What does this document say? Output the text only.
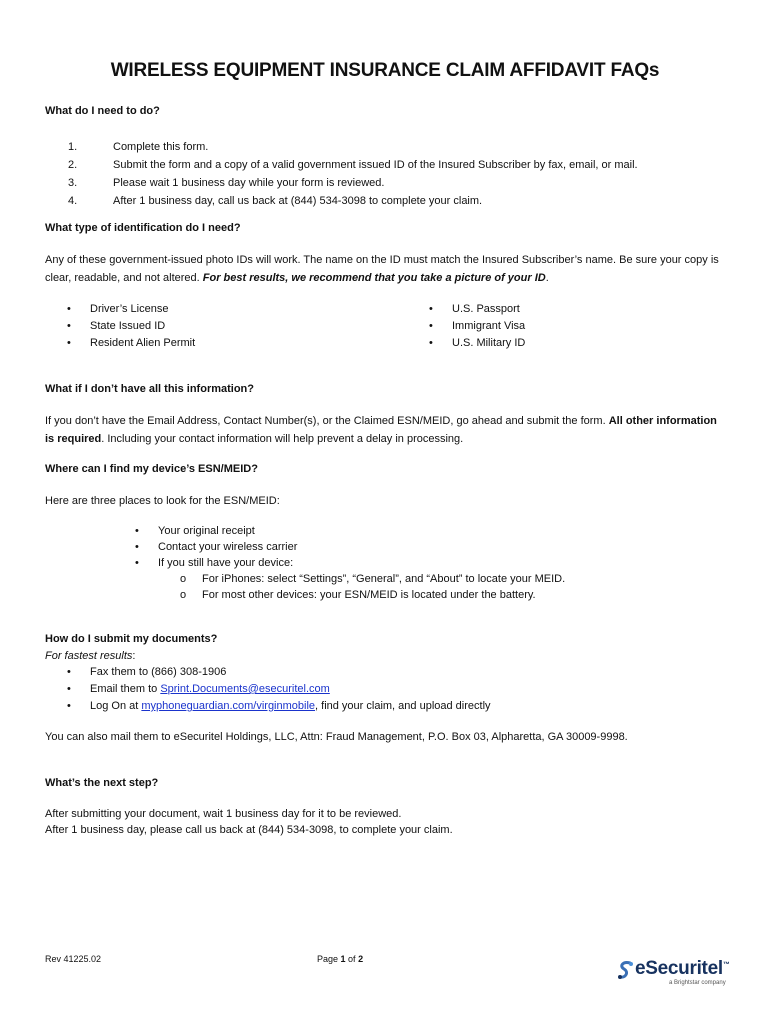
WIRELESS EQUIPMENT INSURANCE CLAIM AFFIDAVIT FAQs
What do I need to do?
1.	Complete this form.
2.	Submit the form and a copy of a valid government issued ID of the Insured Subscriber by fax, email, or mail.
3.	Please wait 1 business day while your form is reviewed.
4.	After 1 business day, call us back at (844) 534-3098 to complete your claim.
What type of identification do I need?
Any of these government-issued photo IDs will work. The name on the ID must match the Insured Subscriber’s name. Be sure your copy is clear, readable, and not altered. For best results, we recommend that you take a picture of your ID.
• Driver’s License
• State Issued ID
• Resident Alien Permit
• U.S. Passport
• Immigrant Visa
• U.S. Military ID
What if I don’t have all this information?
If you don’t have the Email Address, Contact Number(s), or the Claimed ESN/MEID, go ahead and submit the form. All other information is required. Including your contact information will help prevent a delay in processing.
Where can I find my device’s ESN/MEID?
Here are three places to look for the ESN/MEID:
• Your original receipt
• Contact your wireless carrier
• If you still have your device:
o For iPhones: select “Settings”, “General”, and “About” to locate your MEID.
o For most other devices: your ESN/MEID is located under the battery.
How do I submit my documents?
For fastest results:
• Fax them to (866) 308-1906
• Email them to Sprint.Documents@esecuritel.com
• Log On at myphoneguardian.com/virginmobile, find your claim, and upload directly
You can also mail them to eSecuritel Holdings, LLC, Attn: Fraud Management, P.O. Box 03, Alpharetta, GA 30009-9998.
What’s the next step?
After submitting your document, wait 1 business day for it to be reviewed.
After 1 business day, please call us back at (844) 534-3098, to complete your claim.
Rev 41225.02	Page 1 of 2	eSecuritel™
a Brightstar company
